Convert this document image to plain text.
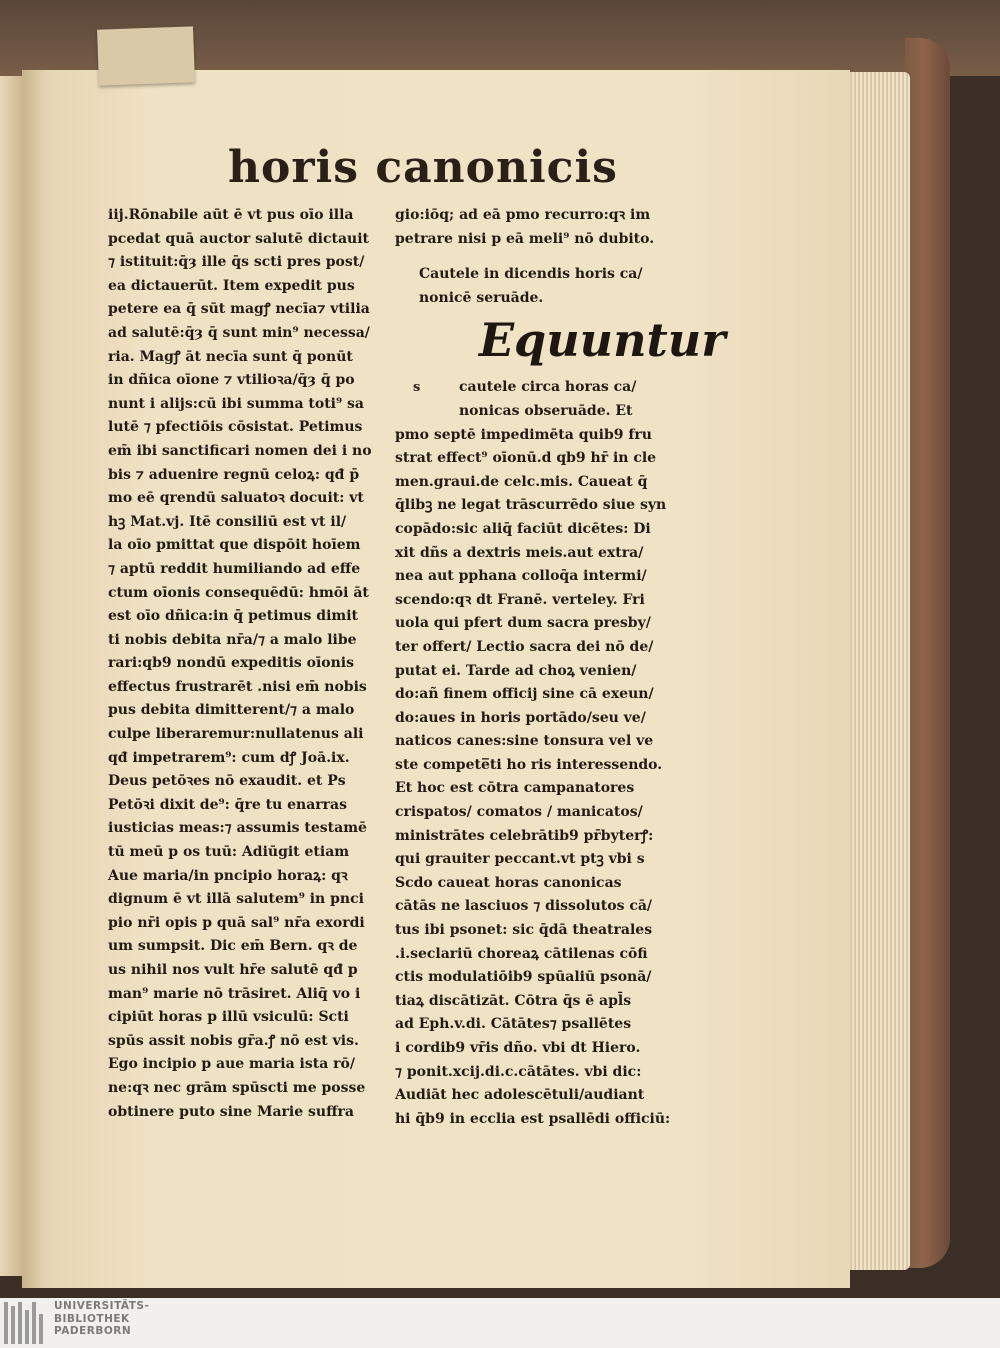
horis canonicis
iij.Rōnabile aūt ē vt pus oīo illa
pcedat quā auctor salutē dictauit
⁊ istituit:q̄ȝ ille q̄s scti pres post/
ea dictauerūt. Item expedit pus
petere ea q̄ sūt magꝭ necīa⁊ vtilia
ad salutē:q̄ȝ q̄ sunt min⁹ necessa/
ria. Magꝭ āt necīa sunt q̄ ponūt
in dñica oīone ⁊ vtilioꝛa/q̄ȝ q̄ po
nunt i alijs:cū ibi summa toti⁹ sa
lutē ⁊ pfectiōis cōsistat. Petimus
em̄ ibi sanctificari nomen dei i no
bis ⁊ aduenire regnū celoꝝ: qđ p̄
mo eē qrendū saluatoꝛ docuit: vt
hꝫ Mat.vj. Itē consiliū est vt il/
la oīo pmittat que dispōit hoīem
⁊ aptū reddit humiliando ad effe
ctum oīonis consequēdū: hmōi āt
est oīo dñica:in q̄ petimus dimit
ti nobis debita nr̄a/⁊ a malo libe
rari:qb9 nondū expeditis oīonis
effectus frustrarēt .nisi em̄ nobis
pus debita dimitterent/⁊ a malo
culpe liberaremur:nullatenus ali
qđ impetrarem⁹: cum dꝭ Joā.ix.
Deus petōꝛes nō exaudit. et Ps
Petōꝛi dixit de⁹: q̄re tu enarras
iusticias meas:⁊ assumis testamē
tū meū p os tuū: Adiūgit etiam
Aue maria/in pncipio horaꝝ: qꝛ
dignum ē vt illā salutem⁹ in pnci
pio nr̄i opis p quā sal⁹ nr̄a exordi
um sumpsit. Dic em̄ Bern. qꝛ de
us nihil nos vult hr̄e salutē qđ p
man⁹ marie nō trāsiret. Aliq̄ vo i
cipiūt horas p illū vsiculū: Scti
spūs assit nobis gr̄a.ꝭ nō est vis.
Ego incipio p aue maria ista rō/
ne:qꝛ nec grām spūscti me posse
obtinere puto sine Marie suffra
gio:iōq; ad eā pmo recurro:qꝛ im
petrare nisi p eā meli⁹ nō dubito.
Cautele in dicendis horis ca/
nonicē seruāde.
Equuntur
s	cautele circa horas ca/
nonicas obseruāde. Et
pmo septē impedimēta quib9 fru
strat effect⁹ oīonū.d qb9 hr̄ in cle
men.graui.de celc.mis. Caueat q̄
q̄libꝫ ne legat trāscurrēdo siue syn
copādo:sic aliq̄ faciūt dicētes: Di
xit dñs a dextris meis.aut extra/
nea aut pphana colloq̄a intermi/
scendo:qꝛ dt Franē. verteley. Fri
uola qui pfert dum sacra presby/
ter offert/ Lectio sacra dei nō de/
putat ei. Tarde ad choꝝ venien/
do:añ finem officij sine cā exeun/
do:aues in horis portādo/seu ve/
naticos canes:sine tonsura vel ve
ste compete̅ti ho ris interessendo.
Et hoc est cōtra campanatores
crispatos/ comatos / manicatos/
ministrātes celebrātib9 pr̄byterꝭ:
qui grauiter peccant.vt ptꝫ vbi s
Scdo caueat horas canonicas
cātās ne lasciuos ⁊ dissolutos cā/
tus ibi psonet: sic q̄dā theatrales
.i.seclariū choreaꝝ cātilenas cōfi
ctis modulatiōib9 spūaliū psonā/
tiaꝝ discātizāt. Cōtra q̄s ē apl̄s
ad Eph.v.di. Cātātes⁊ psallētes
i cordib9 vr̄is dño. vbi dt Hiero.
⁊ ponit.xcij.di.c.cātātes. vbi dic:
Audiāt hec adolescētuli/audiant
hi q̄b9 in ecclia est psallēdi officiū:
UNIVERSITÄTS-
BIBLIOTHEK
PADERBORN
